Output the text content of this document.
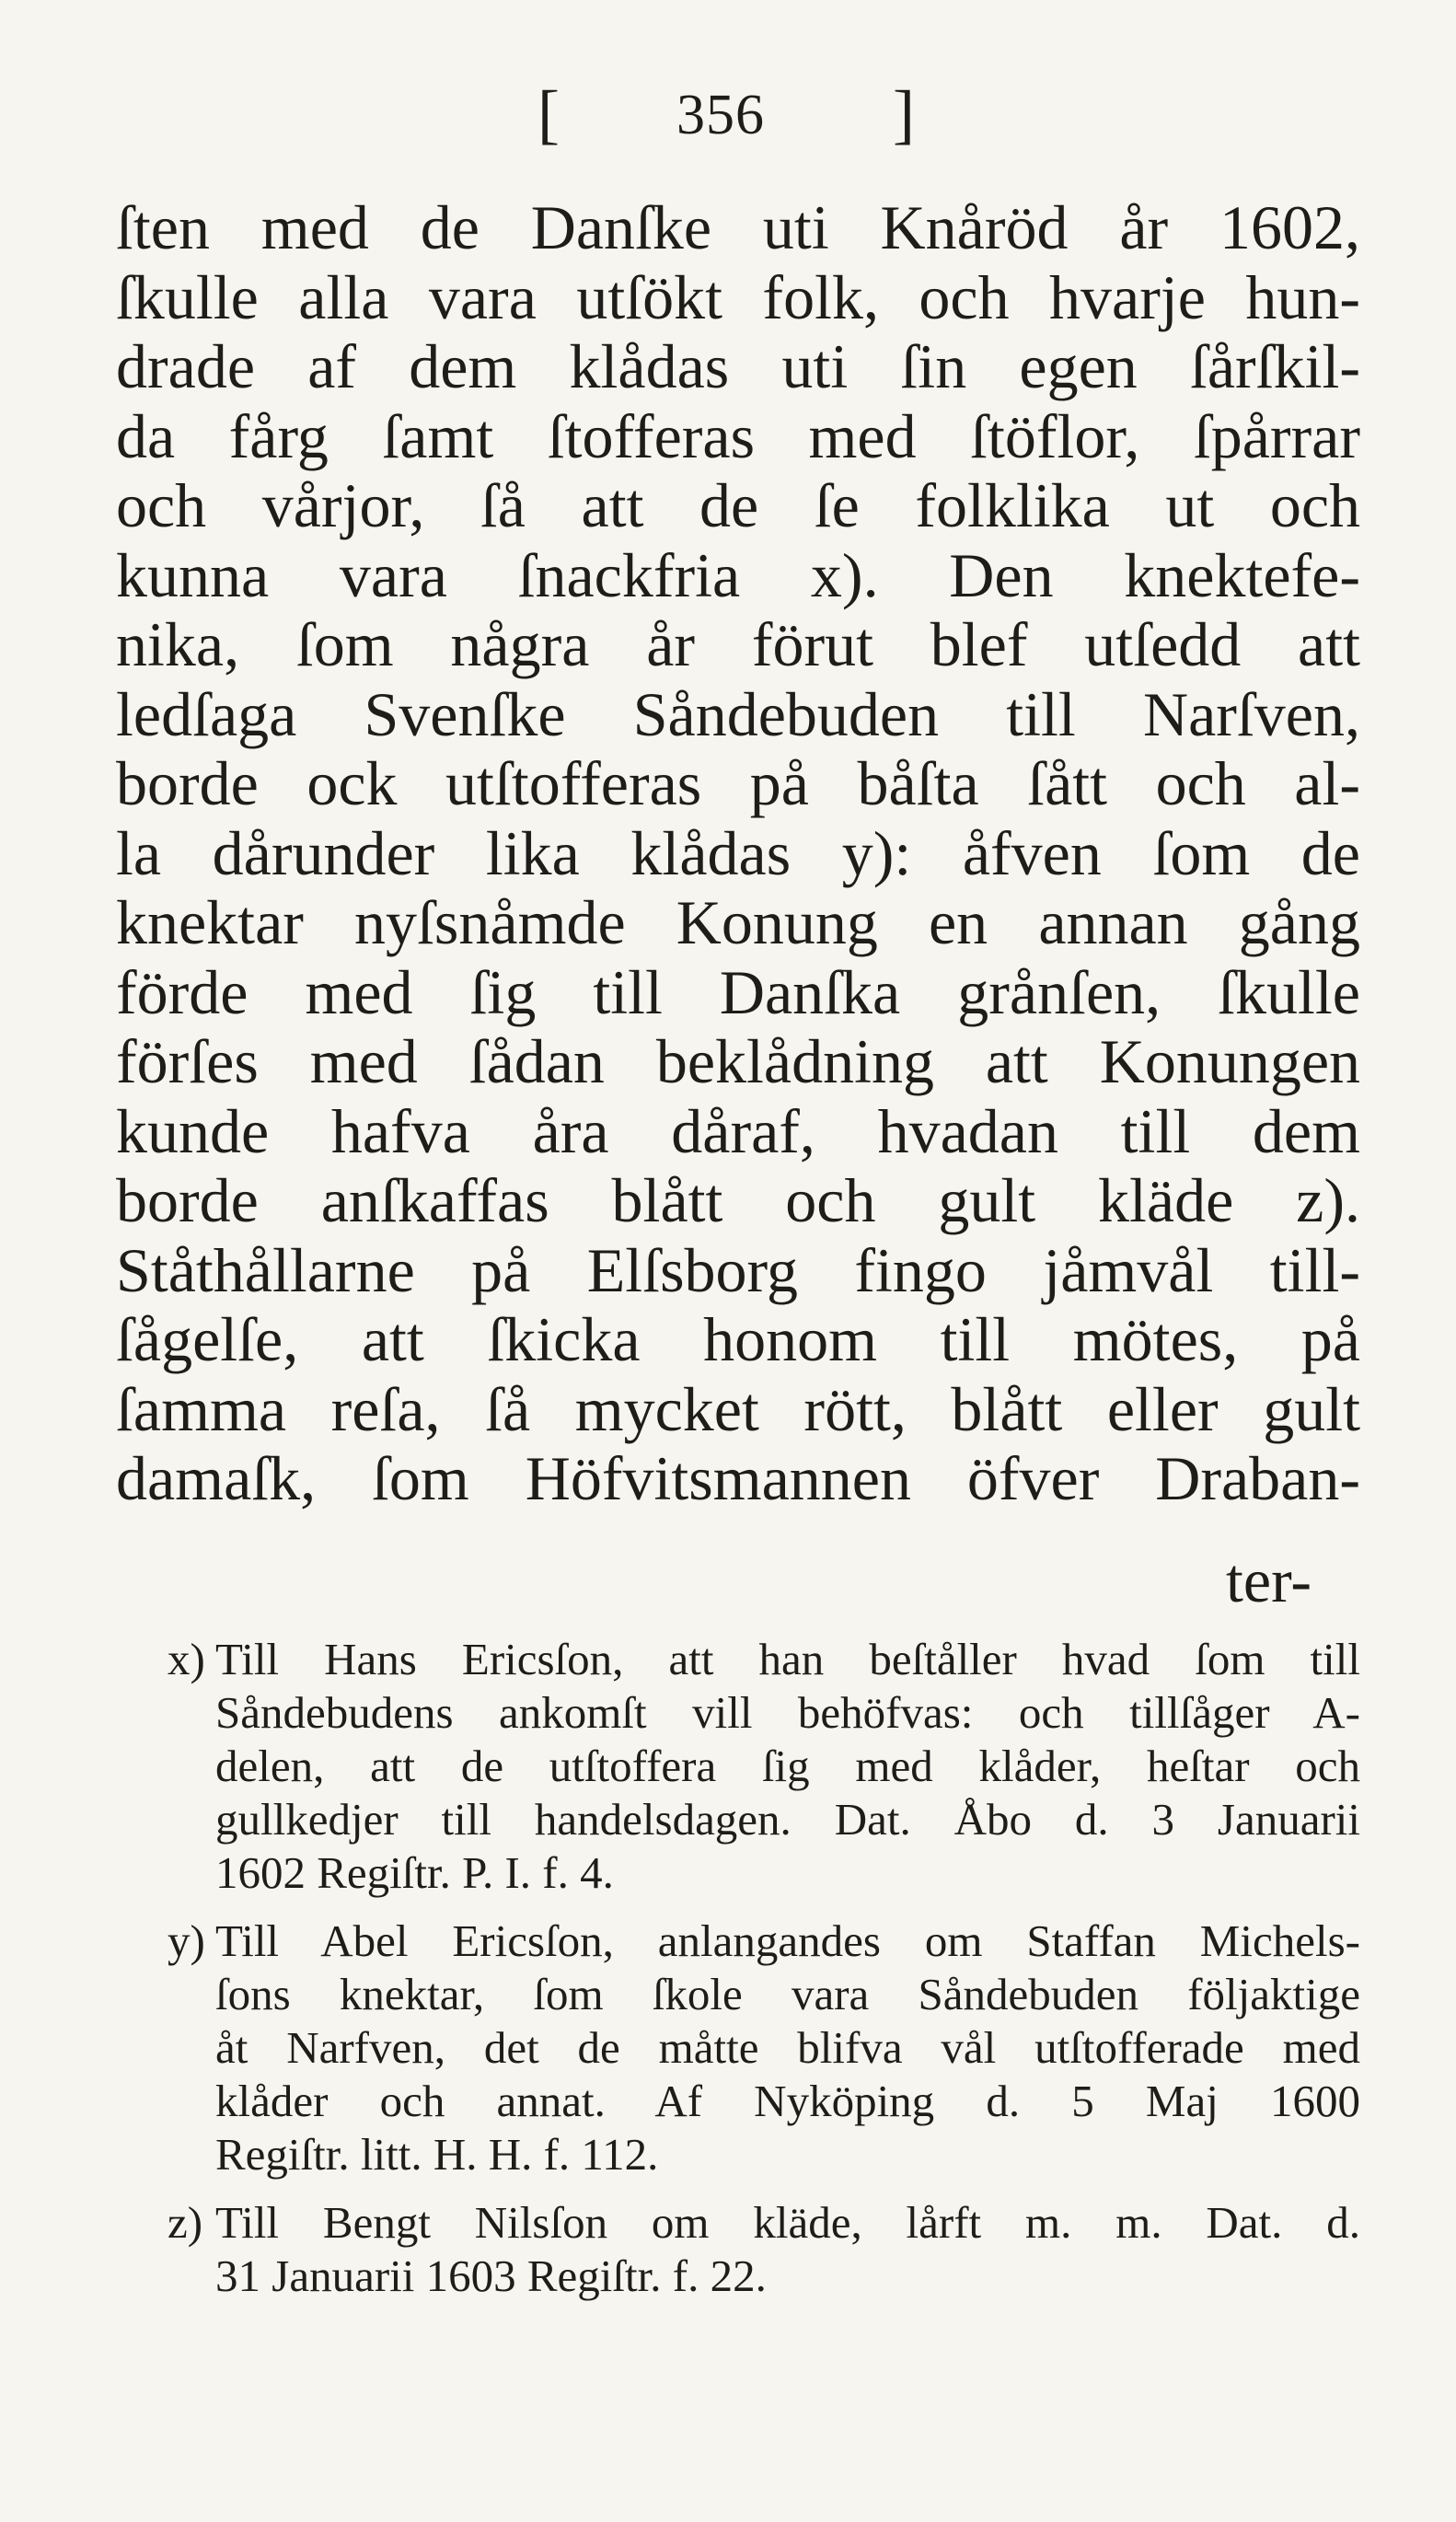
[ 356 ]
ſten med de Danſke uti Knåröd år 1602,
ſkulle alla vara utſökt folk, och hvarje hun-
drade af dem klådas uti ſin egen ſårſkil-
da fårg ſamt ſtofferas med ſtöflor, ſpårrar
och vårjor, ſå att de ſe folklika ut och
kunna vara ſnackfria x). Den knektefe-
nika, ſom några år förut blef utſedd att
ledſaga Svenſke Såndebuden till Narſven,
borde ock utſtofferas på båſta ſått och al-
la dårunder lika klådas y): åfven ſom de
knektar nyſsnåmde Konung en annan gång
förde med ſig till Danſka grånſen, ſkulle
förſes med ſådan beklådning att Konungen
kunde hafva åra dåraf, hvadan till dem
borde anſkaffas blått och gult kläde z).
Ståthållarne på Elſsborg fingo jåmvål till-
ſågelſe, att ſkicka honom till mötes, på
ſamma reſa, ſå mycket rött, blått eller gult
damaſk, ſom Höfvitsmannen öfver Draban-
ter-
x) Till Hans Ericsſon, att han beſtåller hvad ſom till
Såndebudens ankomſt vill behöfvas: och tillſåger A-
delen, att de utſtoffera ſig med klåder, heſtar och
gullkedjer till handelsdagen. Dat. Åbo d. 3 Januarii
1602 Regiſtr. P. I. f. 4.
y) Till Abel Ericsſon, anlangandes om Staffan Michels-
ſons knektar, ſom ſkole vara Såndebuden följaktige
åt Narfven, det de måtte blifva vål utſtofferade med
klåder och annat. Af Nyköping d. 5 Maj 1600
Regiſtr. litt. H. H. f. 112.
z) Till Bengt Nilsſon om kläde, lårft m. m. Dat. d.
31 Januarii 1603 Regiſtr. f. 22.
